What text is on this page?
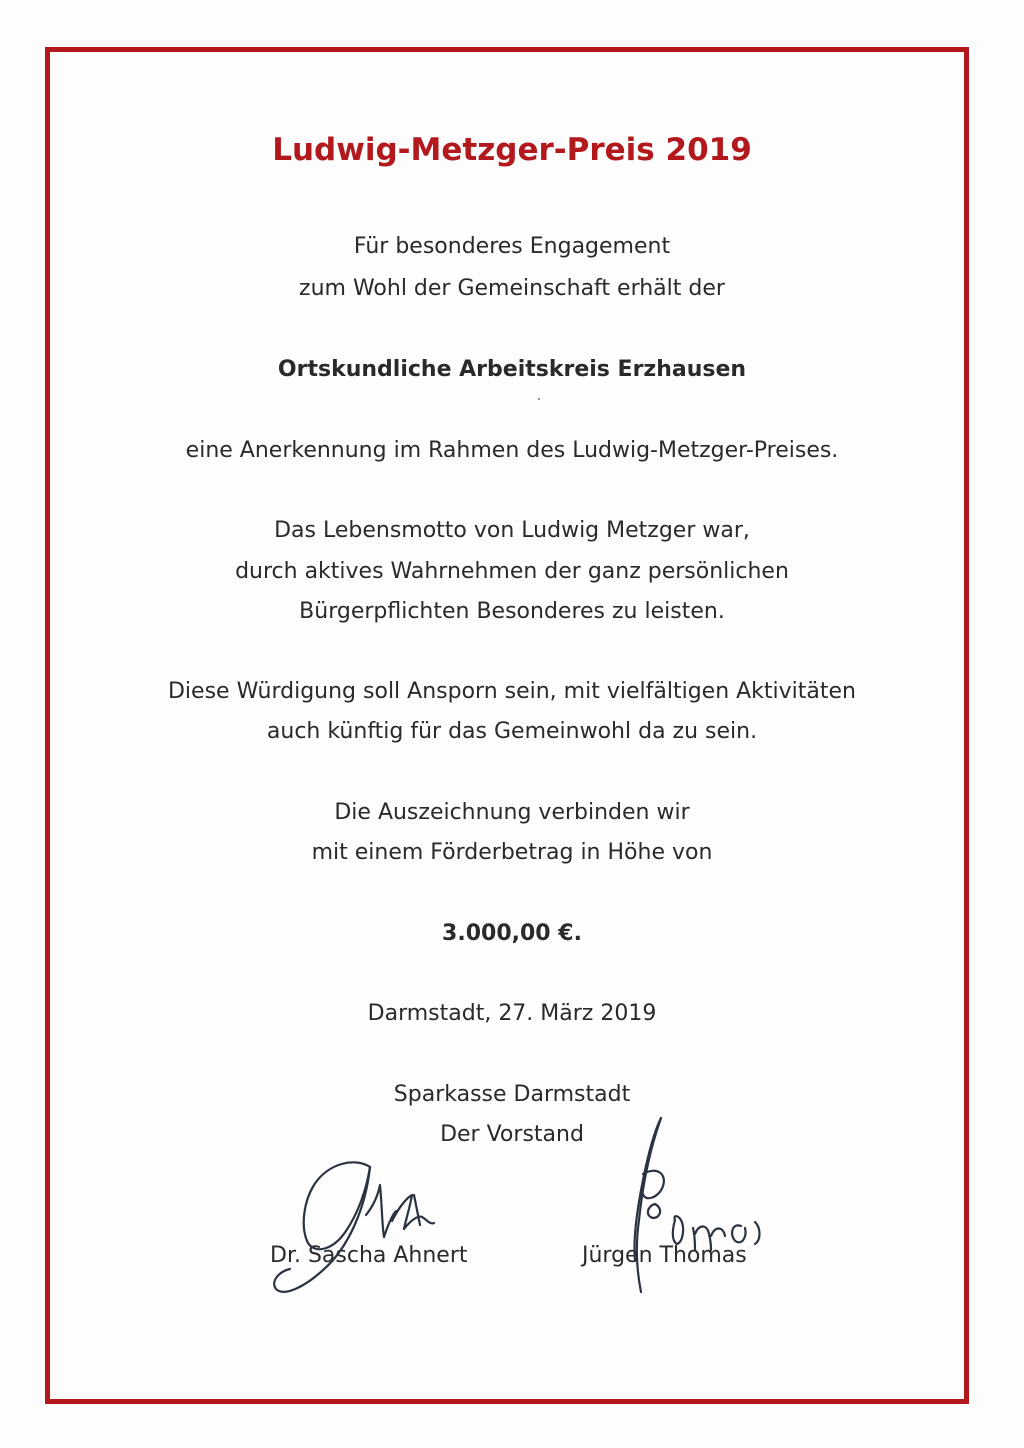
Ludwig-Metzger-Preis 2019
Für besonderes Engagement
zum Wohl der Gemeinschaft erhält der
Ortskundliche Arbeitskreis Erzhausen
eine Anerkennung im Rahmen des Ludwig-Metzger-Preises.
Das Lebensmotto von Ludwig Metzger war,
durch aktives Wahrnehmen der ganz persönlichen
Bürgerpflichten Besonderes zu leisten.
Diese Würdigung soll Ansporn sein, mit vielfältigen Aktivitäten
auch künftig für das Gemeinwohl da zu sein.
Die Auszeichnung verbinden wir
mit einem Förderbetrag in Höhe von
3.000,00 €.
Darmstadt, 27. März 2019
Sparkasse Darmstadt
Der Vorstand
Dr. Sascha Ahnert	Jürgen Thomas
